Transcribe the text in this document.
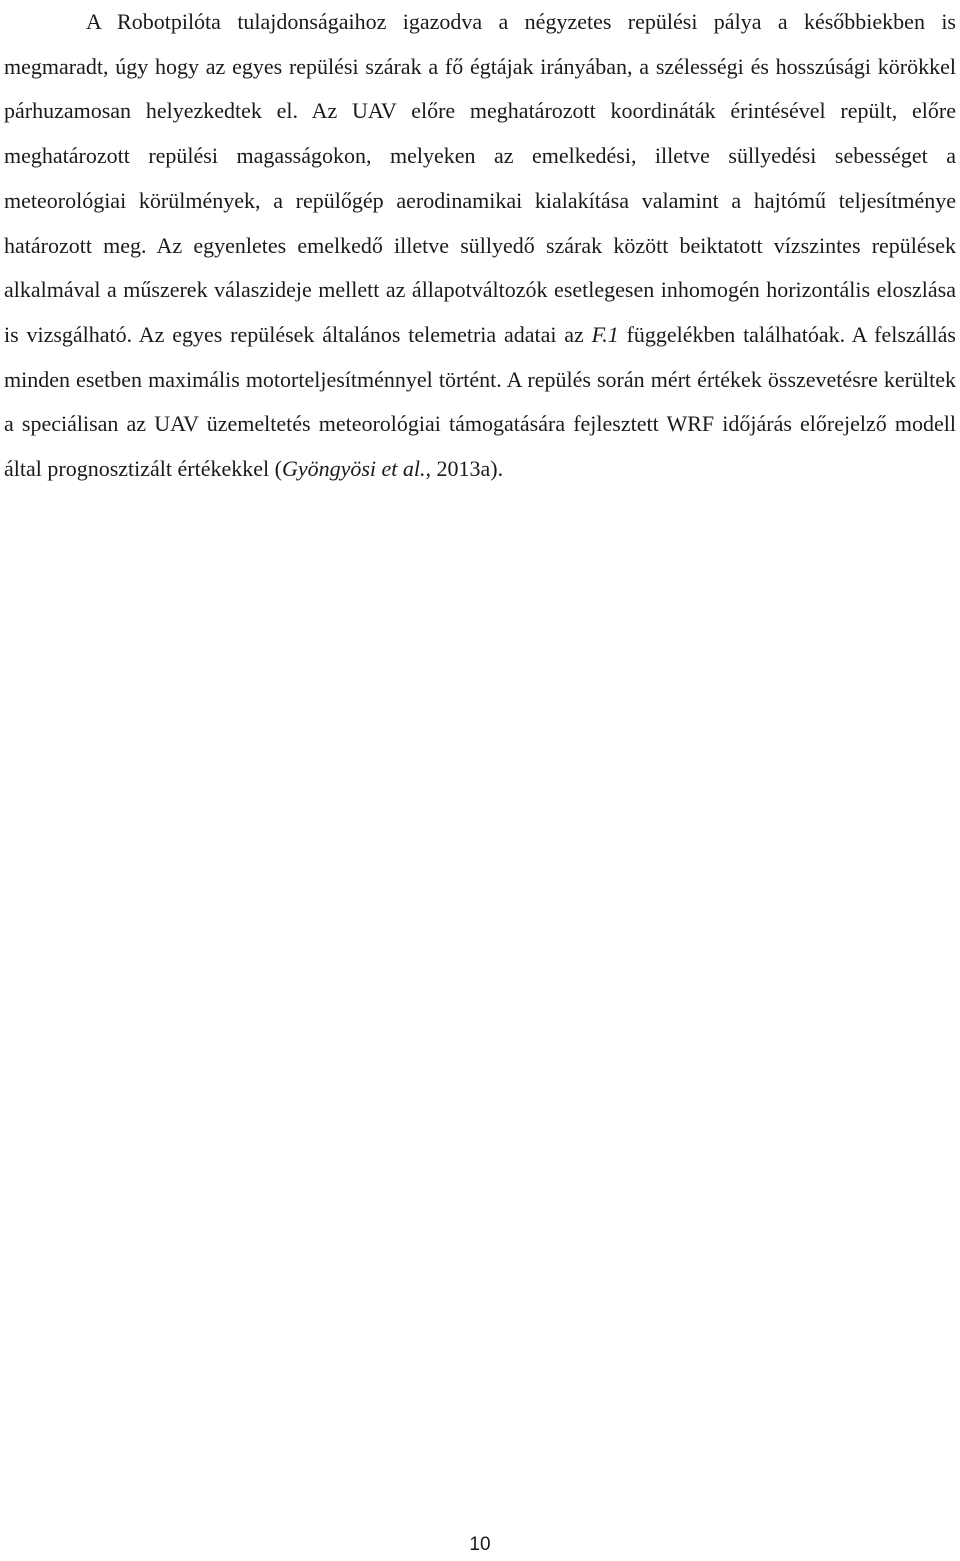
A Robotpilóta tulajdonságaihoz igazodva a négyzetes repülési pálya a későbbiekben is megmaradt, úgy hogy az egyes repülési szárak a fő égtájak irányában, a szélességi és hosszúsági körökkel párhuzamosan helyezkedtek el. Az UAV előre meghatározott koordináták érintésével repült, előre meghatározott repülési magasságokon, melyeken az emelkedési, illetve süllyedési sebességet a meteorológiai körülmények, a repülőgép aerodinamikai kialakítása valamint a hajtómű teljesítménye határozott meg. Az egyenletes emelkedő illetve süllyedő szárak között beiktatott vízszintes repülések alkalmával a műszerek válaszideje mellett az állapotváltozók esetlegesen inhomogén horizontális eloszlása is vizsgálható. Az egyes repülések általános telemetria adatai az F.1 függelékben találhatóak. A felszállás minden esetben maximális motorteljesítménnyel történt. A repülés során mért értékek összevetésre kerültek a speciálisan az UAV üzemeltetés meteorológiai támogatására fejlesztett WRF időjárás előrejelző modell által prognosztizált értékekkel (Gyöngyösi et al., 2013a).

10
